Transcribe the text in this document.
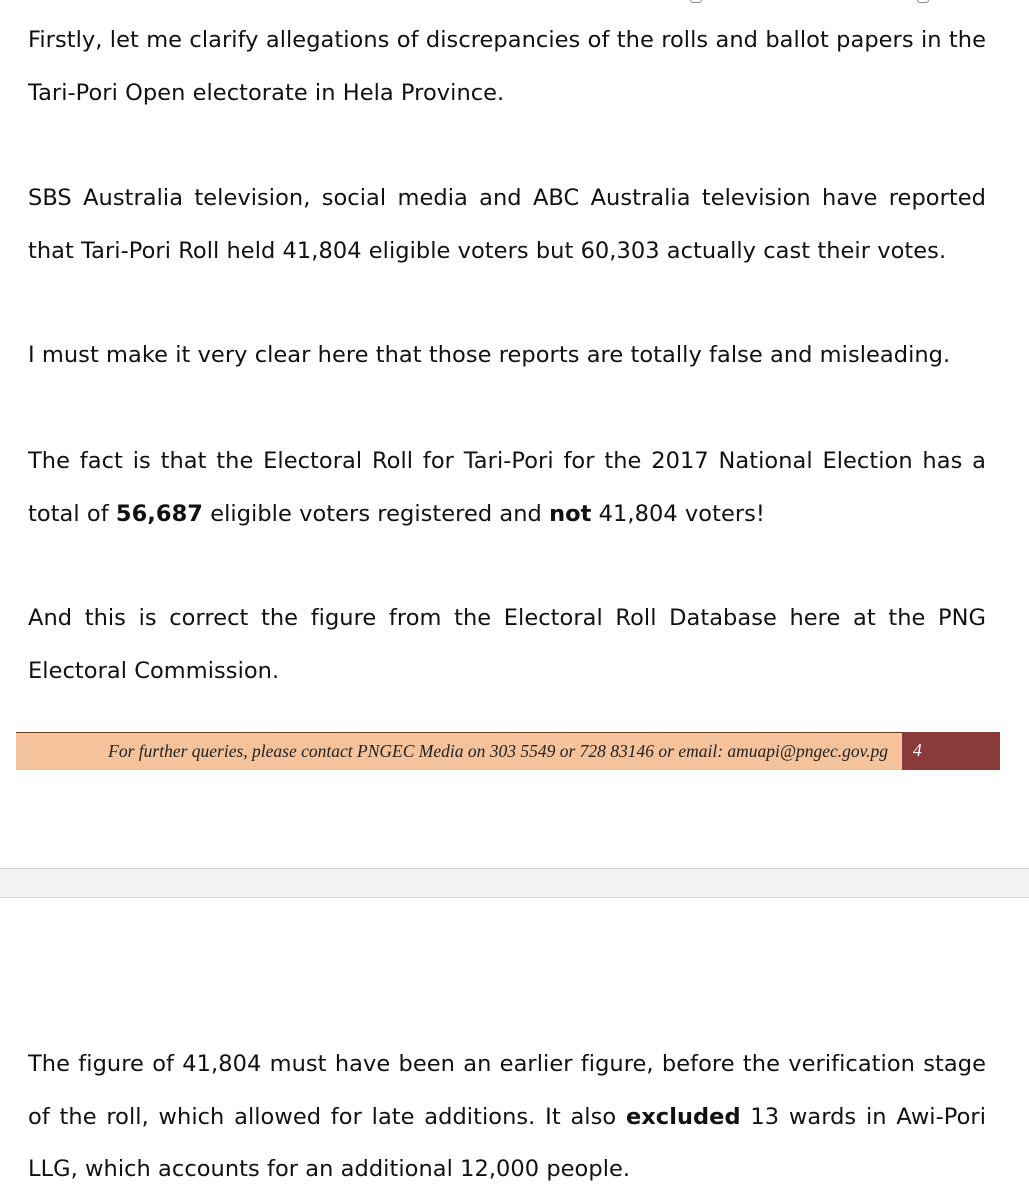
Firstly, let me clarify allegations of discrepancies of the rolls and ballot papers in the Tari-Pori Open electorate in Hela Province.

SBS Australia television, social media and ABC Australia television have reported that Tari-Pori Roll held 41,804 eligible voters but 60,303 actually cast their votes.

I must make it very clear here that those reports are totally false and misleading.

The fact is that the Electoral Roll for Tari-Pori for the 2017 National Election has a total of 56,687 eligible voters registered and not 41,804 voters!

And this is correct the figure from the Electoral Roll Database here at the PNG Electoral Commission.

For further queries, please contact PNGEC Media on 303 5549 or 728 83146 or email: amuapi@pngec.gov.pg	4

The figure of 41,804 must have been an earlier figure, before the verification stage of the roll, which allowed for late additions. It also excluded 13 wards in Awi-Pori LLG, which accounts for an additional 12,000 people.
